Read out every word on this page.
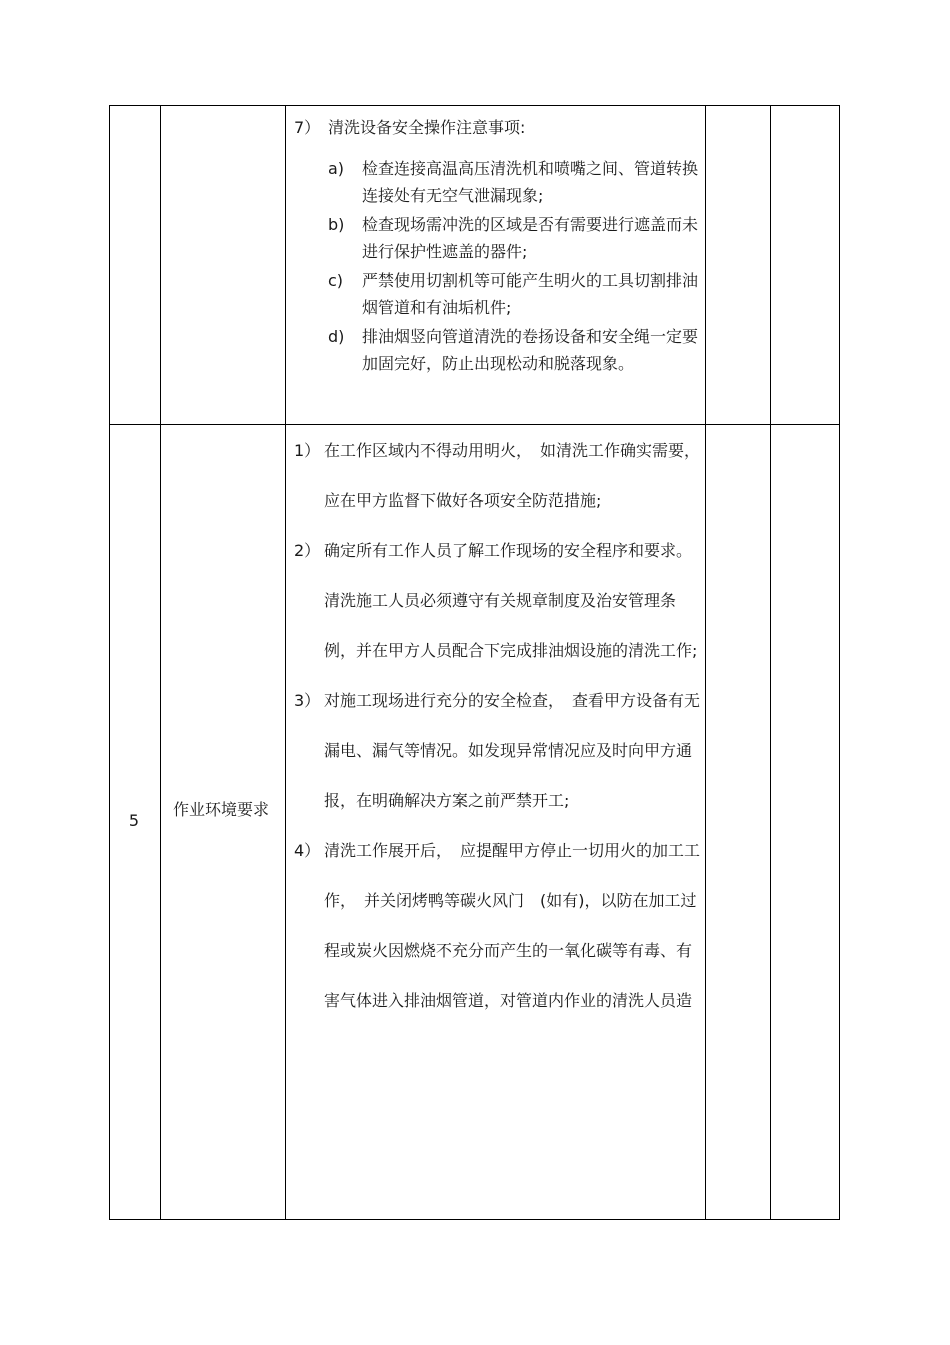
7） 清洗设备安全操作注意事项:
a) 检查连接高温高压清洗机和喷嘴之间、管道转换连接处有无空气泄漏现象;
b) 检查现场需冲洗的区域是否有需要进行遮盖而未进行保护性遮盖的器件;
c) 严禁使用切割机等可能产生明火的工具切割排油烟管道和有油垢机件;
d) 排油烟竖向管道清洗的卷扬设备和安全绳一定要加固完好，防止出现松动和脱落现象。
5
作业环境要求
1） 在工作区域内不得动用明火，　如清洗工作确实需要，应在甲方监督下做好各项安全防范措施;
2） 确定所有工作人员了解工作现场的安全程序和要求。清洗施工人员必须遵守有关规章制度及治安管理条例，并在甲方人员配合下完成排油烟设施的清洗工作;
3） 对施工现场进行充分的安全检查，　查看甲方设备有无漏电、漏气等情况。如发现异常情况应及时向甲方通报，在明确解决方案之前严禁开工;
4） 清洗工作展开后，　应提醒甲方停止一切用火的加工工作，　并关闭烤鸭等碳火风门　(如有)，以防在加工过程或炭火因燃烧不充分而产生的一氧化碳等有毒、有害气体进入排油烟管道，对管道内作业的清洗人员造
